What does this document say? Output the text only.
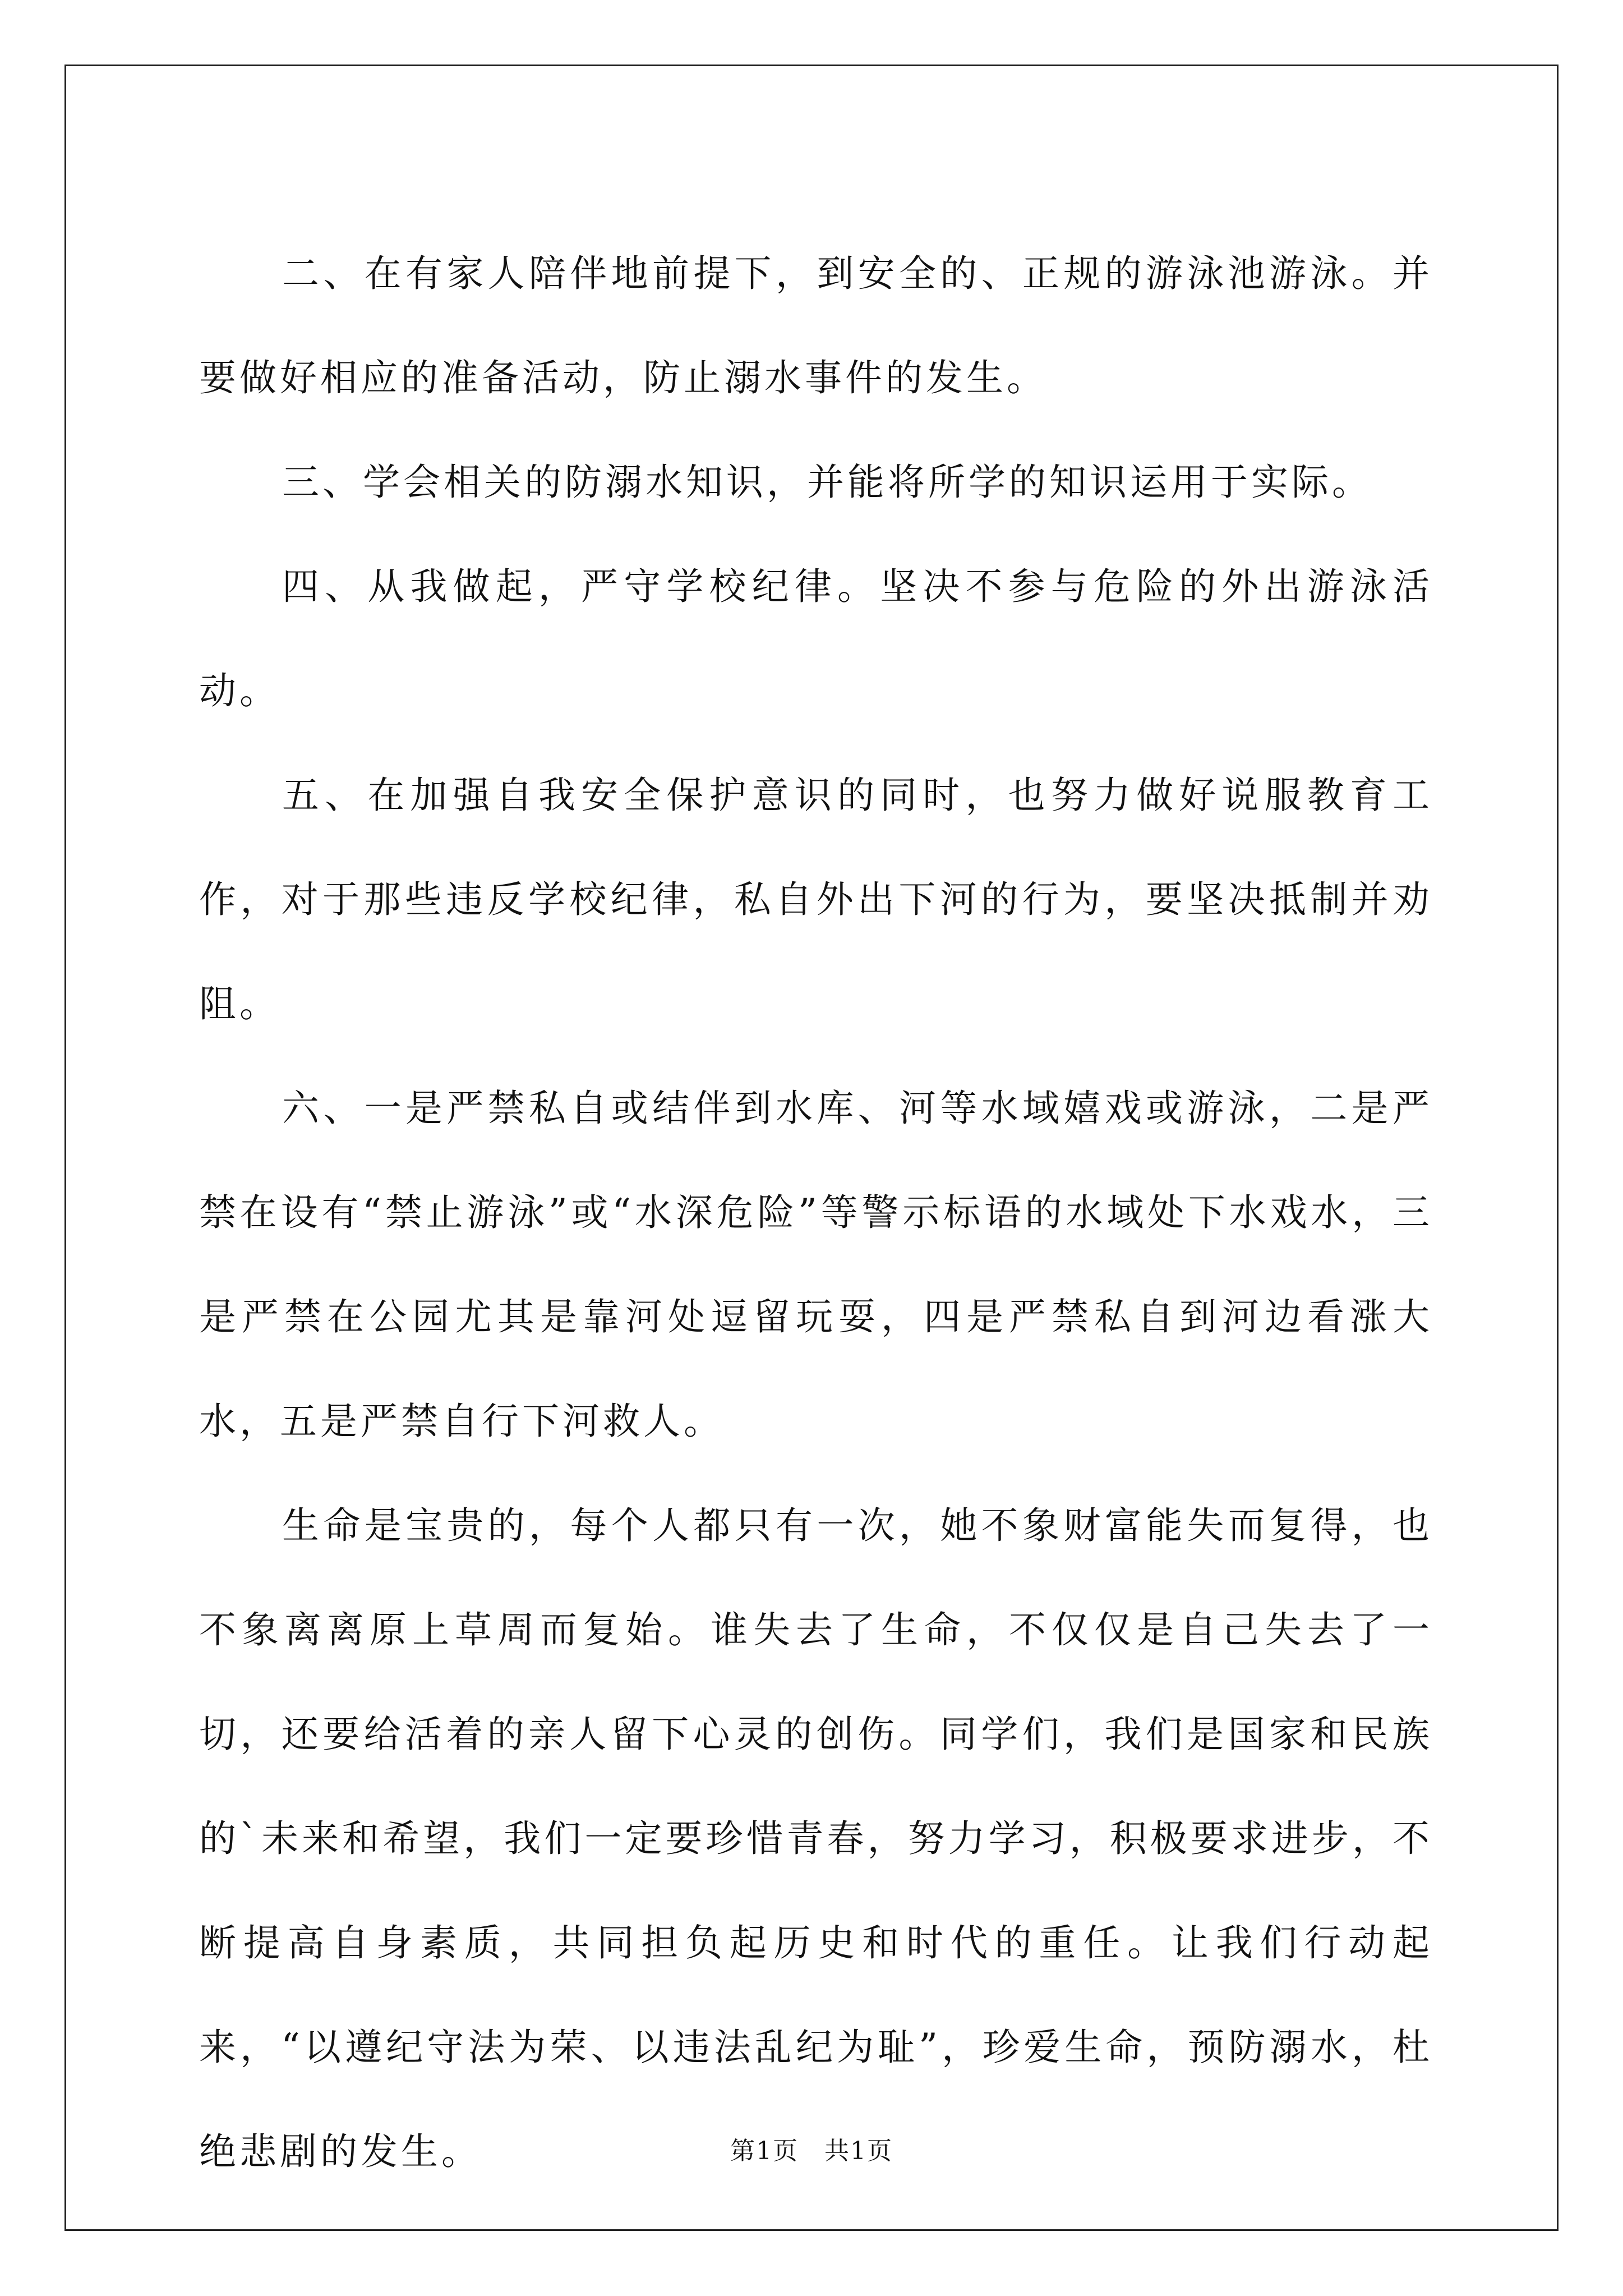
二、在有家人陪伴地前提下，到安全的、正规的游泳池游泳。并要做好相应的准备活动，防止溺水事件的发生。

三、学会相关的防溺水知识，并能将所学的知识运用于实际。

四、从我做起，严守学校纪律。坚决不参与危险的外出游泳活动。

五、在加强自我安全保护意识的同时，也努力做好说服教育工作，对于那些违反学校纪律，私自外出下河的行为，要坚决抵制并劝阻。

六、一是严禁私自或结伴到水库、河等水域嬉戏或游泳，二是严禁在设有“禁止游泳”或“水深危险”等警示标语的水域处下水戏水，三是严禁在公园尤其是靠河处逗留玩耍，四是严禁私自到河边看涨大水，五是严禁自行下河救人。

生命是宝贵的，每个人都只有一次，她不象财富能失而复得，也不象离离原上草周而复始。谁失去了生命，不仅仅是自己失去了一切，还要给活着的亲人留下心灵的创伤。同学们，我们是国家和民族的`未来和希望，我们一定要珍惜青春，努力学习，积极要求进步，不断提高自身素质，共同担负起历史和时代的重任。让我们行动起来，“以遵纪守法为荣、以违法乱纪为耻”，珍爱生命，预防溺水，杜绝悲剧的发生。	第1页　共1页
